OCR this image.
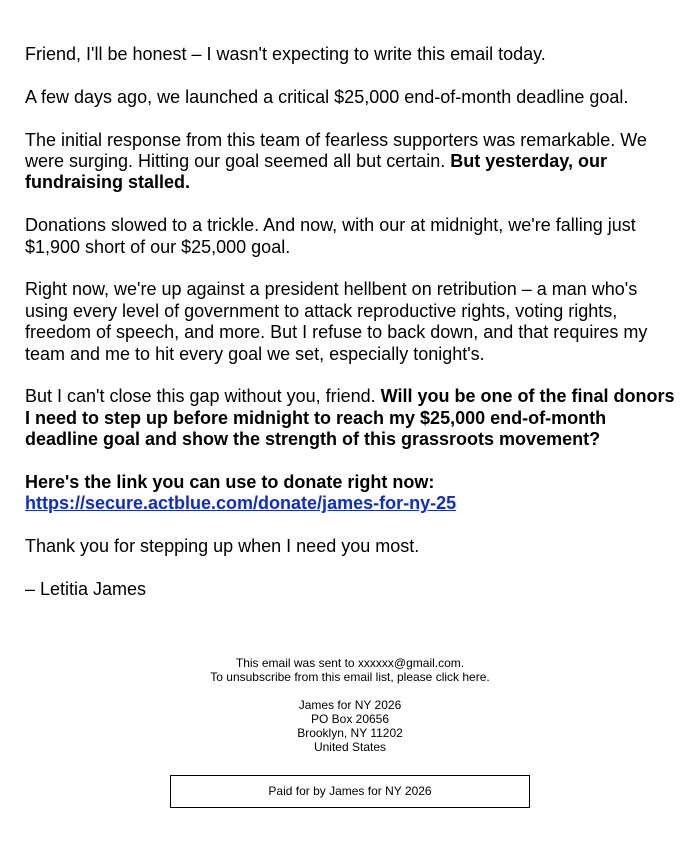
Friend, I'll be honest – I wasn't expecting to write this email today.

A few days ago, we launched a critical $25,000 end-of-month deadline goal.

The initial response from this team of fearless supporters was remarkable. We were surging. Hitting our goal seemed all but certain. But yesterday, our fundraising stalled.

Donations slowed to a trickle. And now, with our at midnight, we're falling just $1,900 short of our $25,000 goal.

Right now, we're up against a president hellbent on retribution – a man who's using every level of government to attack reproductive rights, voting rights, freedom of speech, and more. But I refuse to back down, and that requires my team and me to hit every goal we set, especially tonight's.

But I can't close this gap without you, friend. Will you be one of the final donors I need to step up before midnight to reach my $25,000 end-of-month deadline goal and show the strength of this grassroots movement?

Here's the link you can use to donate right now:
https://secure.actblue.com/donate/james-for-ny-25

Thank you for stepping up when I need you most.

– Letitia James

This email was sent to xxxxxx@gmail.com.
To unsubscribe from this email list, please click here.

James for NY 2026
PO Box 20656
Brooklyn, NY 11202
United States

Paid for by James for NY 2026
